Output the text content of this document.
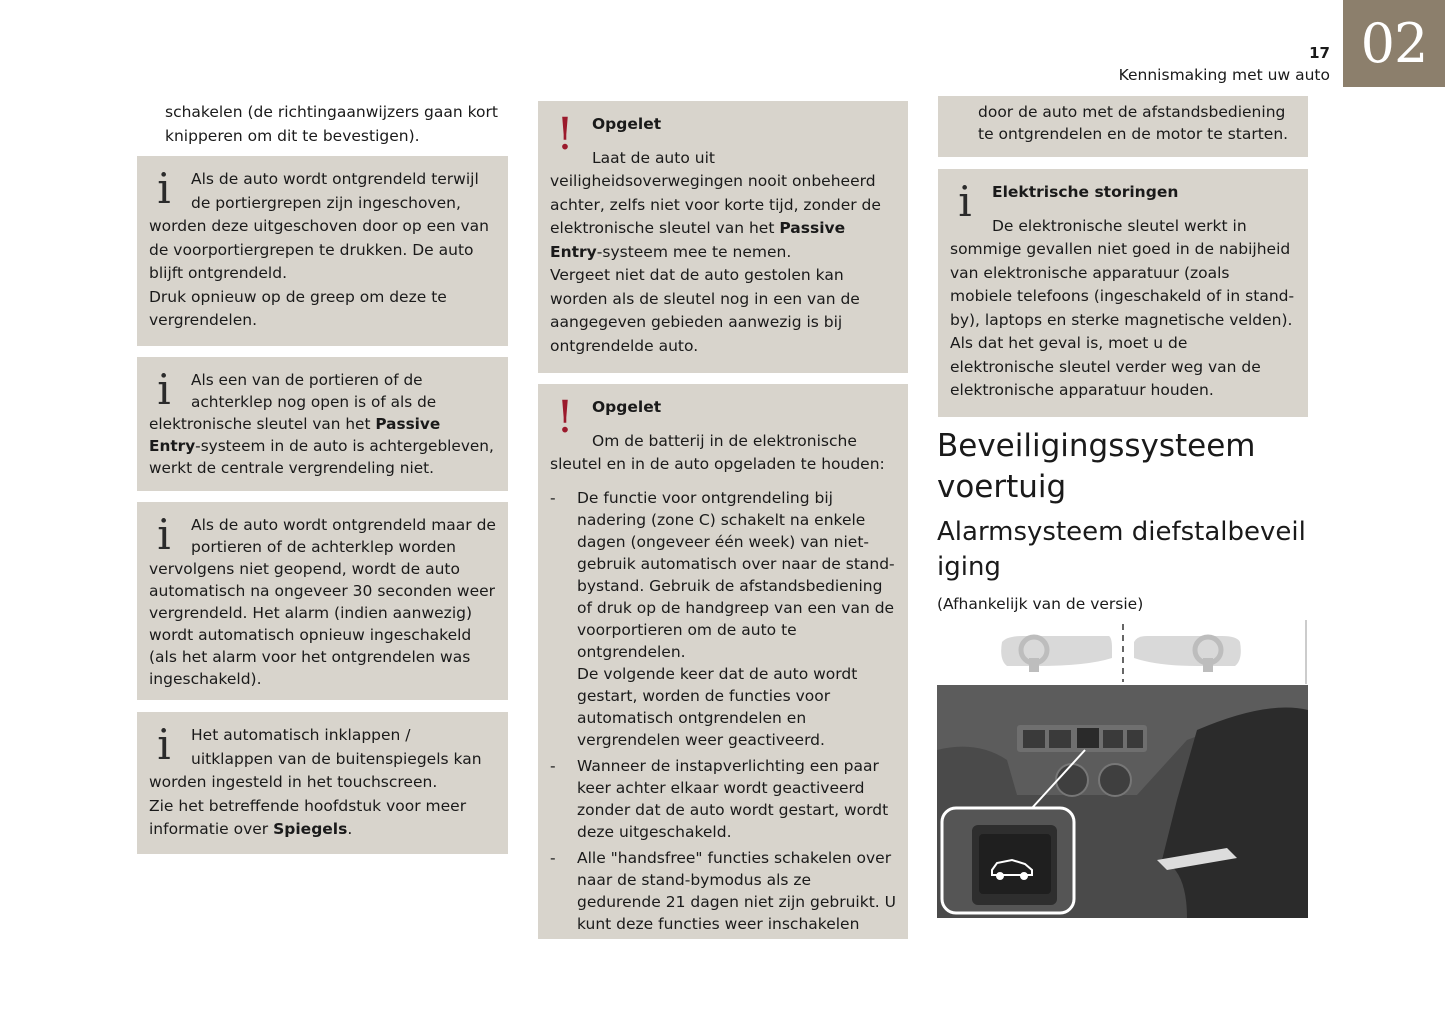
02
17
Kennismaking met uw auto

schakelen (de richtingaanwijzers gaan kort knipperen om dit te bevestigen).

i	Als de auto wordt ontgrendeld terwijl de portiergrepen zijn ingeschoven, worden deze uitgeschoven door op een van de voorportiergrepen te drukken. De auto blijft ontgrendeld.

Druk opnieuw op de greep om deze te vergrendelen.

i	Als een van de portieren of de achterklep nog open is of als de elektronische sleutel van het Passive Entry-systeem in de auto is achtergebleven, werkt de centrale vergrendeling niet.

i	Als de auto wordt ontgrendeld maar de portieren of de achterklep worden vervolgens niet geopend, wordt de auto automatisch na ongeveer 30 seconden weer vergrendeld. Het alarm (indien aanwezig) wordt automatisch opnieuw ingeschakeld (als het alarm voor het ontgrendelen was ingeschakeld).

i	Het automatisch inklappen / uitklappen van de buitenspiegels kan worden ingesteld in het touchscreen.

Zie het betreffende hoofdstuk voor meer informatie over Spiegels.

!	Opgelet

Laat de auto uit veiligheidsoverwegingen nooit onbeheerd achter, zelfs niet voor korte tijd, zonder de elektronische sleutel van het Passive Entry-systeem mee te nemen.

Vergeet niet dat de auto gestolen kan worden als de sleutel nog in een van de aangegeven gebieden aanwezig is bij ontgrendelde auto.

!	Opgelet

Om de batterij in de elektronische sleutel en in de auto opgeladen te houden:

- De functie voor ontgrendeling bij nadering (zone C) schakelt na enkele dagen (ongeveer één week) van niet-gebruik automatisch over naar de stand-bystand. Gebruik de afstandsbediening of druk op de handgreep van een van de voorportieren om de auto te ontgrendelen.
De volgende keer dat de auto wordt gestart, worden de functies voor automatisch ontgrendelen en vergrendelen weer geactiveerd.
- Wanneer de instapverlichting een paar keer achter elkaar wordt geactiveerd zonder dat de auto wordt gestart, wordt deze uitgeschakeld.
- Alle "handsfree" functies schakelen over naar de stand-bymodus als ze gedurende 21 dagen niet zijn gebruikt. U kunt deze functies weer inschakelen

door de auto met de afstandsbediening te ontgrendelen en de motor te starten.

i	Elektrische storingen

De elektronische sleutel werkt in sommige gevallen niet goed in de nabijheid van elektronische apparatuur (zoals mobiele telefoons (ingeschakeld of in stand-by), laptops en sterke magnetische velden). Als dat het geval is, moet u de elektronische sleutel verder weg van de elektronische apparatuur houden.

Beveiligingssysteem voertuig
Alarmsysteem diefstalbeveiliging
(Afhankelijk van de versie)
